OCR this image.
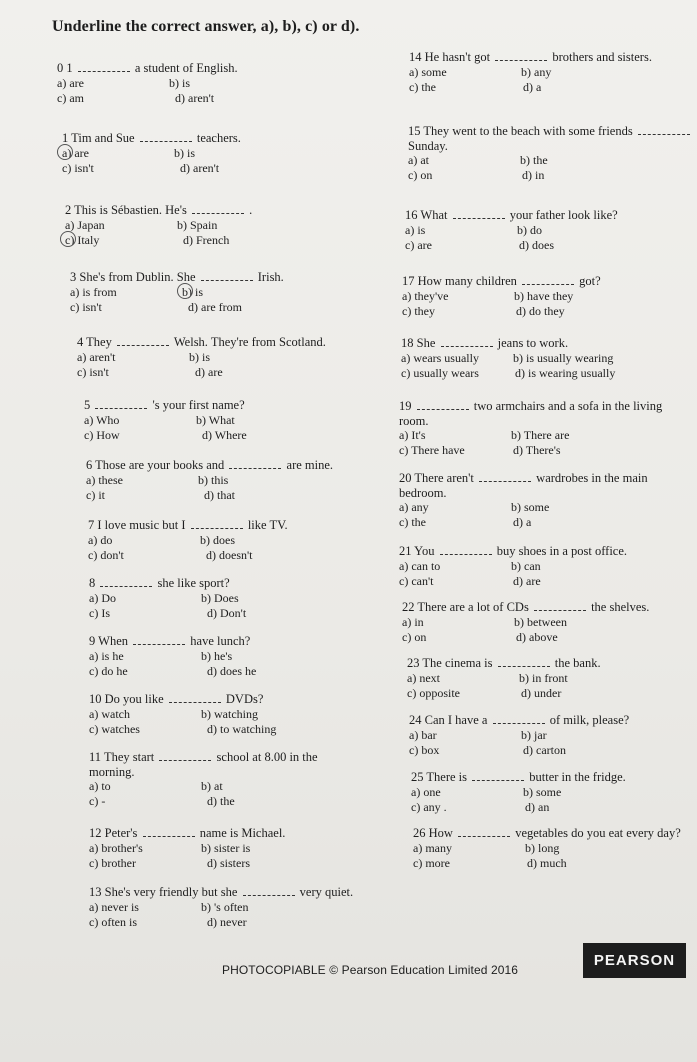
Underline the correct answer, a), b), c) or d).
0 1	a student of English.
a) are	b) is
c) am	d) aren't
1 Tim and Sue	teachers.
a) are	b) is
c) isn't	d) aren't
2 This is Sébastien. He's	.
a) Japan	b) Spain
c) Italy	d) French
3 She's from Dublin. She	Irish.
a) is from	b) is
c) isn't	d) are from
4 They	Welsh. They're from Scotland.
a) aren't	b) is
c) isn't	d) are
5	's your first name?
a) Who	b) What
c) How	d) Where
6 Those are your books and	are mine.
a) these	b) this
c) it	d) that
7 I love music but I	like TV.
a) do	b) does
c) don't	d) doesn't
8	she like sport?
a) Do	b) Does
c) Is	d) Don't
9 When	have lunch?
a) is he	b) he's
c) do he	d) does he
10 Do you like	DVDs?
a) watch	b) watching
c) watches	d) to watching
11 They start	school at 8.00 in the
morning.
a) to	b) at
c) -	d) the
12 Peter's	name is Michael.
a) brother's	b) sister is
c) brother	d) sisters
13 She's very friendly but she	very quiet.
a) never is	b) 's often
c) often is	d) never
14 He hasn't got	brothers and sisters.
a) some	b) any
c) the	d) a
15 They went to the beach with some friends
Sunday.
a) at	b) the
c) on	d) in
16 What	your father look like?
a) is	b) do
c) are	d) does
17 How many children	got?
a) they've	b) have they
c) they	d) do they
18 She	jeans to work.
a) wears usually	b) is usually wearing
c) usually wears	d) is wearing usually
19	two armchairs and a sofa in the living
room.
a) It's	b) There are
c) There have	d) There's
20 There aren't	wardrobes in the main
bedroom.
a) any	b) some
c) the	d) a
21 You	buy shoes in a post office.
a) can to	b) can
c) can't	d) are
22 There are a lot of CDs	the shelves.
a) in	b) between
c) on	d) above
23 The cinema is	the bank.
a) next	b) in front
c) opposite	d) under
24 Can I have a	of milk, please?
a) bar	b) jar
c) box	d) carton
25 There is	butter in the fridge.
a) one	b) some
c) any .	d) an
26 How	vegetables do you eat every day?
a) many	b) long
c) more	d) much
PHOTOCOPIABLE © Pearson Education Limited 2016
PEARSON
